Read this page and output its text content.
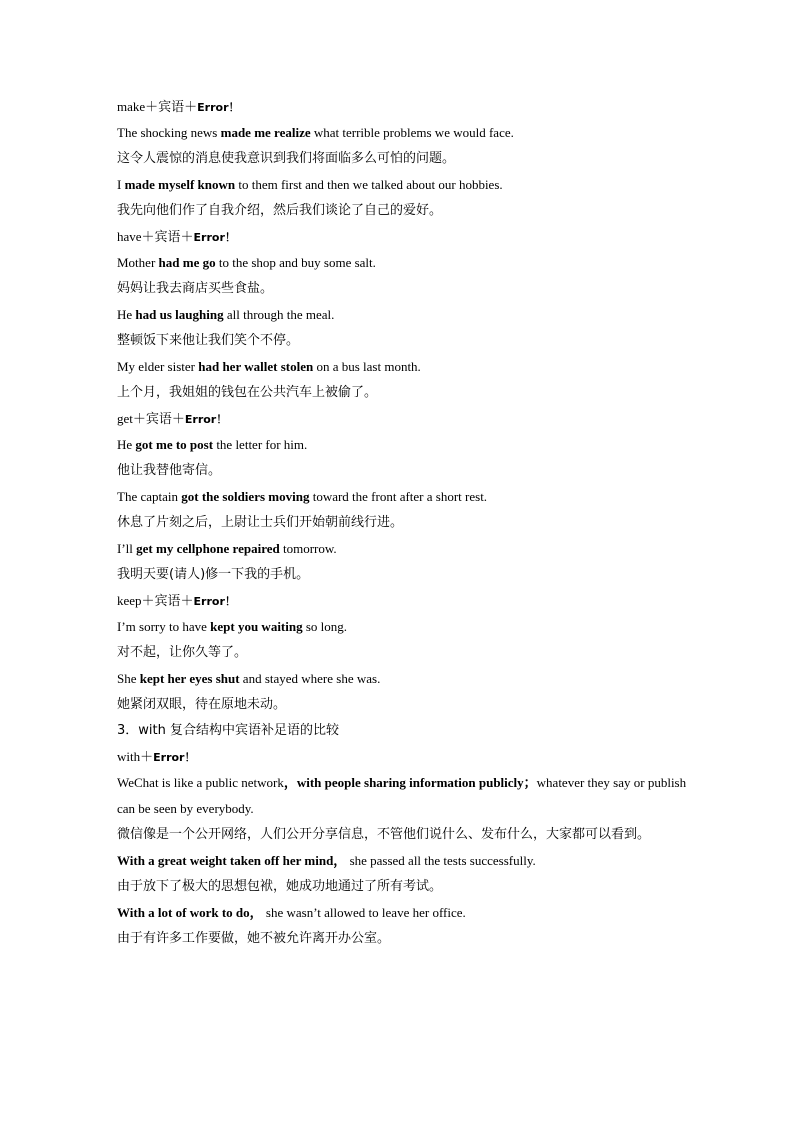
make＋宾语＋Error！
The shocking news made me realize what terrible problems we would face.
这令人震惊的消息使我意识到我们将面临多么可怕的问题。
I made myself known to them first and then we talked about our hobbies.
我先向他们作了自我介绍，然后我们谈论了自己的爱好。
have＋宾语＋Error！
Mother had me go to the shop and buy some salt.
妈妈让我去商店买些食盐。
He had us laughing all through the meal.
整顿饭下来他让我们笑个不停。
My elder sister had her wallet stolen on a bus last month.
上个月，我姐姐的钱包在公共汽车上被偷了。
get＋宾语＋Error！
He got me to post the letter for him.
他让我替他寄信。
The captain got the soldiers moving toward the front after a short rest.
休息了片刻之后，上尉让士兵们开始朝前线行进。
I’ll get my cellphone repaired tomorrow.
我明天要(请人)修一下我的手机。
keep＋宾语＋Error！
I’m sorry to have kept you waiting so long.
对不起，让你久等了。
She kept her eyes shut and stayed where she was.
她紧闭双眼，待在原地未动。
3．with 复合结构中宾语补足语的比较
with＋Error！
WeChat is like a public network，with people sharing information publicly；whatever they say or publish can be seen by everybody.
微信像是一个公开网络，人们公开分享信息，不管他们说什么、发布什么，大家都可以看到。
With a great weight taken off her mind， she passed all the tests successfully.
由于放下了极大的思想包袱，她成功地通过了所有考试。
With a lot of work to do， she wasn’t allowed to leave her office.
由于有许多工作要做，她不被允许离开办公室。
